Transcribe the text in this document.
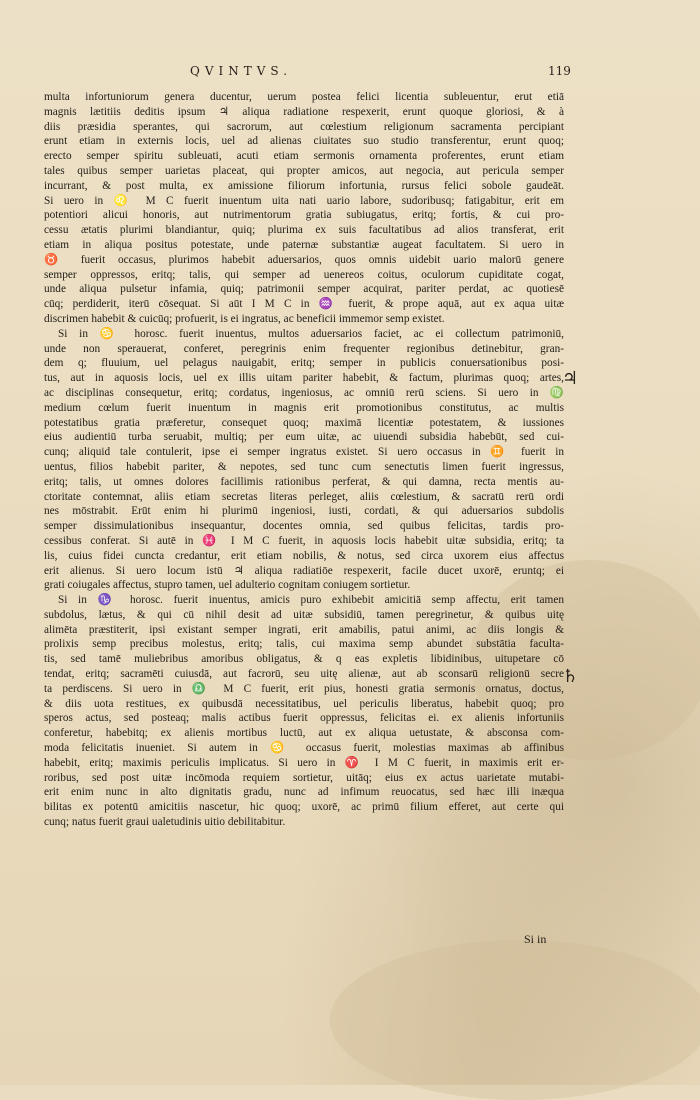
QVINTVS.	119
multa infortuniorum genera ducentur, uerum postea felici licentia subleuentur, erut etiā
magnis lætitiis deditis ipsum ♃ aliqua radiatione respexerit, erunt quoque gloriosi, & à
diis præsidia sperantes, qui sacrorum, aut cœlestium religionum sacramenta percipiant
erunt etiam in externis locis, uel ad alienas ciuitates suo studio transferentur, erunt quoq;
erecto semper spiritu subleuati, acuti etiam sermonis ornamenta proferentes, erunt etiam
tales quibus semper uarietas placeat, qui propter amicos, aut negocia, aut pericula semper
incurrant, & post multa, ex amissione filiorum infortunia, rursus felici sobole gaudeāt.
Si uero in ♌ M C fuerit inuentum uita nati uario labore, sudoribusq; fatigabitur, erit em
potentiori alicui honoris, aut nutrimentorum gratia subiugatus, eritq; fortis, & cui pro-
cessu ætatis plurimi blandiantur, quiq; plurima ex suis facultatibus ad alios transferat, erit
etiam in aliqua positus potestate, unde paternæ substantiæ augeat facultatem. Si uero in
♉ fuerit occasus, plurimos habebit aduersarios, quos omnis uidebit uario malorū genere
semper oppressos, eritq; talis, qui semper ad uenereos coitus, oculorum cupiditate cogat,
unde aliqua pulsetur infamia, quiq; patrimonii semper acquirat, pariter perdat, ac quotiesē
cūq; perdiderit, iterū cōsequat. Si aūt I M C in ♒ fuerit, & prope aquā, aut ex aqua uitæ
discrimen habebit & cuicūq; profuerit, is ei ingratus, ac beneficii immemor semp existet.
Si in ♋ horosc. fuerit inuentus, multos aduersarios faciet, ac ei collectum patrimoniū,
unde non sperauerat, conferet, peregrinis enim frequenter regionibus detinebitur, gran-
dem q; fluuium, uel pelagus nauigabit, eritq; semper in publicis conuersationibus posi-
tus, aut in aquosis locis, uel ex illis uitam pariter habebit, & factum, plurimas quoq; artes,
ac disciplinas consequetur, eritq; cordatus, ingeniosus, ac omniū rerū sciens. Si uero in ♍
medium cœlum fuerit inuentum in magnis erit promotionibus constitutus, ac multis
potestatibus gratia præferetur, consequet quoq; maximā licentiæ potestatem, & iussiones
eius audientiū turba seruabit, multiq; per eum uitæ, ac uiuendi subsidia habebūt, sed cui-
cunq; aliquid tale contulerit, ipse ei semper ingratus existet. Si uero occasus in ♊ fuerit in
uentus, filios habebit pariter, & nepotes, sed tunc cum senectutis limen fuerit ingressus,
eritq; talis, ut omnes dolores facillimis rationibus perferat, & qui damna, recta mentis au-
ctoritate contemnat, aliis etiam secretas literas perleget, aliis cœlestium, & sacratū rerū ordi
nes mōstrabit. Erūt enim hi plurimū ingeniosi, iusti, cordati, & qui aduersarios subdolis
semper dissimulationibus insequantur, docentes omnia, sed quibus felicitas, tardis pro-
cessibus conferat. Si autē in ♓ I M C fuerit, in aquosis locis habebit uitæ subsidia, eritq; ta
lis, cuius fidei cuncta credantur, erit etiam nobilis, & notus, sed circa uxorem eius affectus
erit alienus. Si uero locum istū ♃ aliqua radiatiōe respexerit, facile ducet uxorē, eruntq; ei
grati coiugales affectus, stupro tamen, uel adulterio cognitam coniugem sortietur.
Si in ♑ horosc. fuerit inuentus, amicis puro exhibebit amicitiā semp affectu, erit tamen
subdolus, lætus, & qui cū nihil desit ad uitæ subsidiū, tamen peregrinetur, & quibus uitę
alimēta præstiterit, ipsi existant semper ingrati, erit amabilis, patui animi, ac diis longis &
prolixis semp precibus molestus, eritq; talis, cui maxima semp abundet substātia faculta-
tis, sed tamē muliebribus amoribus obligatus, & q eas expletis libidinibus, uitupetare cō
tendat, eritq; sacramēti cuiusdā, aut facrorū, seu uitę alienæ, aut ab sconsarū religionū secre
ta perdiscens. Si uero in ♎ M C fuerit, erit pius, honesti gratia sermonis ornatus, doctus,
& diis uota restitues, ex quibusdā necessitatibus, uel periculis liberatus, habebit quoq; pro
speros actus, sed posteaq; malis actibus fuerit oppressus, felicitas ei. ex alienis infortuniis
conferetur, habebitq; ex alienis mortibus luctū, aut ex aliqua uetustate, & absconsa com-
moda felicitatis inueniet. Si autem in ♋ occasus fuerit, molestias maximas ab affinibus
habebit, eritq; maximis periculis implicatus. Si uero in ♈ I M C fuerit, in maximis erit er-
roribus, sed post uitæ incōmoda requiem sortietur, uitāq; eius ex actus uarietate mutabi-
erit enim nunc in alto dignitatis gradu, nunc ad infimum reuocatus, sed hæc illi inæqua
bilitas ex potentū amicitiis nascetur, hic quoq; uxorē, ac primū filium efferet, aut certe qui
cunq; natus fuerit graui ualetudinis uitio debilitabitur.
♃
♄
Si in
